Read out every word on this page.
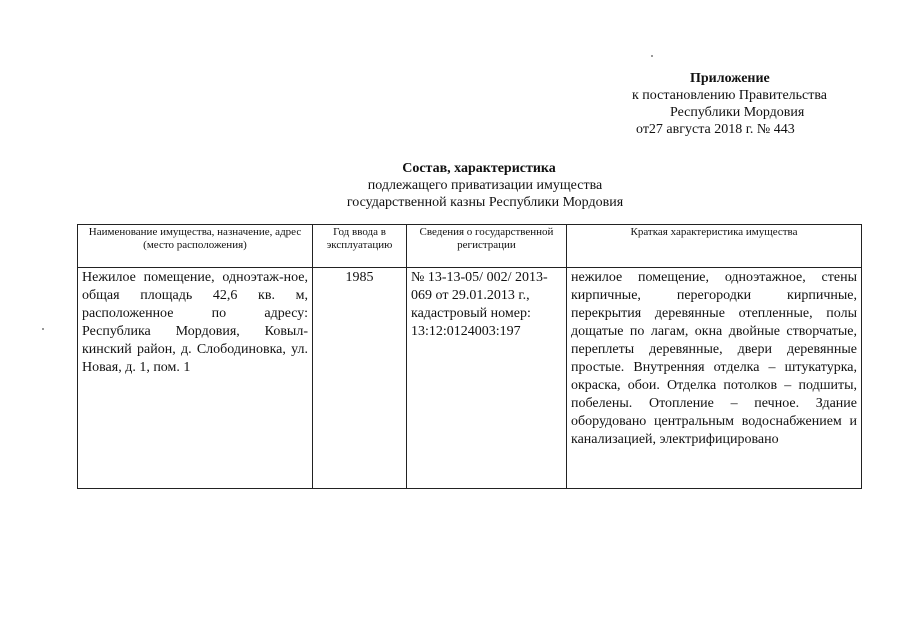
Приложение
к постановлению Правительства
Республики Мордовия
от27 августа 2018 г. № 443
Состав, характеристика
подлежащего приватизации имущества
государственной казны Республики Мордовия
Наименование имущества, назначение, адрес (место расположения)	Год ввода в эксплуатацию	Сведения о государственной регистрации	Краткая характеристика имущества
Нежилое помещение, одноэтаж-ное, общая площадь 42,6 кв. м, расположенное по адресу: Республика Мордовия, Ковыл-кинский район, д. Слободиновка, ул. Новая, д. 1, пом. 1	1985	№ 13-13-05/ 002/ 2013-069 от 29.01.2013 г., кадастровый номер: 13:12:0124003:197	нежилое помещение, одноэтажное, стены кирпичные, перегородки кирпичные, перекрытия деревянные отепленные, полы дощатые по лагам, окна двойные створчатые, переплеты деревянные, двери деревянные простые. Внутренняя отделка – штукатурка, окраска, обои. Отделка потолков – подшиты, побелены. Отопление – печное. Здание оборудовано центральным водоснабжением и канализацией, электрифицировано
